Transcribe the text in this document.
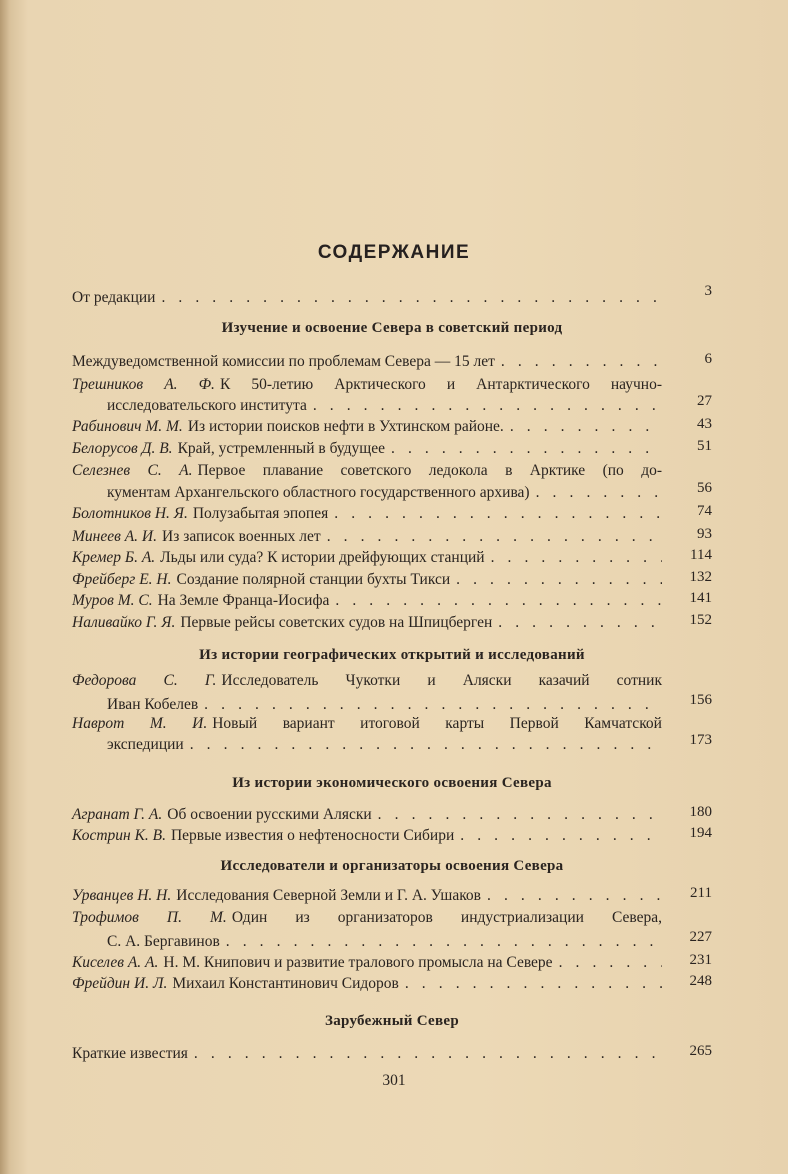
СОДЕРЖАНИЕ
От редакции . . .	3
Изучение и освоение Севера в советский период
Междуведомственной комиссии по проблемам Севера — 15 лет . . .	6
Трешников А. Ф. К 50-летию Арктического и Антарктического научно-
исследовательского института . . .	27
Рабинович М. М. Из истории поисков нефти в Ухтинском районе. . . .	43
Белорусов Д. В. Край, устремленный в будущее . . .	51
Селезнев С. А. Первое плавание советского ледокола в Арктике (по до-
кументам Архангельского областного государственного архива) . . .	56
Болотников Н. Я. Полузабытая эпопея . . .	74
Минеев А. И. Из записок военных лет . . .	93
Кремер Б. А. Льды или суда? К истории дрейфующих станций . . .	114
Фрейберг Е. Н. Создание полярной станции бухты Тикси . . .	132
Муров М. С. На Земле Франца-Иосифа . . .	141
Наливайко Г. Я. Первые рейсы советских судов на Шпицберген . . .	152
Из истории географических открытий и исследований
Федорова С. Г. Исследователь Чукотки и Аляски казачий сотник
Иван Кобелев . . .	156
Наврот М. И. Новый вариант итоговой карты Первой Камчатской
экспедиции . . .	173
Из истории экономического освоения Севера
Агранат Г. А. Об освоении русскими Аляски . . .	180
Кострин К. В. Первые известия о нефтеносности Сибири . . .	194
Исследователи и организаторы освоения Севера
Урванцев Н. Н. Исследования Северной Земли и Г. А. Ушаков . . .	211
Трофимов П. М. Один из организаторов индустриализации Севера,
С. А. Бергавинов . . .	227
Киселев А. А. Н. М. Книпович и развитие тралового промысла на Севере . . .	231
Фрейдин И. Л. Михаил Константинович Сидоров . . .	248
Зарубежный Север
Краткие известия . . .	265
301
